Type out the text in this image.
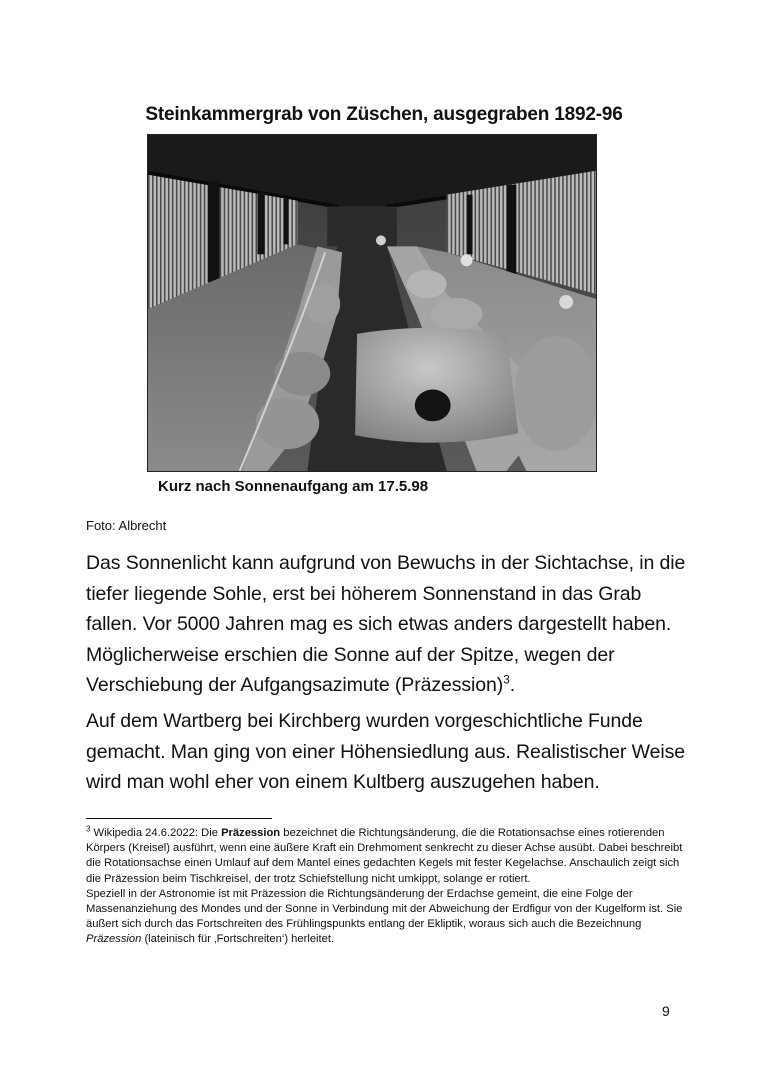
Steinkammergrab von Züschen, ausgegraben 1892-96
Kurz nach Sonnenaufgang am 17.5.98
Foto: Albrecht

Das Sonnenlicht kann aufgrund von Bewuchs in der Sichtachse, in die tiefer liegende Sohle, erst bei höherem Sonnenstand in das Grab fallen. Vor 5000 Jahren mag es sich etwas anders dargestellt haben. Möglicherweise erschien die Sonne auf der Spitze, wegen der Verschiebung der Aufgangsazimute (Präzession)$^3$.

Auf dem Wartberg bei Kirchberg wurden vorgeschichtliche Funde gemacht. Man ging von einer Höhensiedlung aus. Realistischer Weise wird man wohl eher von einem Kultberg auszugehen haben.

$^3$ Wikipedia 24.6.2022: Die Präzession bezeichnet die Richtungsänderung, die die Rotationsachse eines rotierenden Körpers (Kreisel) ausführt, wenn eine äußere Kraft ein Drehmoment senkrecht zu dieser Achse ausübt. Dabei beschreibt die Rotationsachse einen Umlauf auf dem Mantel eines gedachten Kegels mit fester Kegelachse. Anschaulich zeigt sich die Präzession beim Tischkreisel, der trotz Schiefstellung nicht umkippt, solange er rotiert.

Speziell in der Astronomie ist mit Präzession die Richtungsänderung der Erdachse gemeint, die eine Folge der Massenanziehung des Mondes und der Sonne in Verbindung mit der Abweichung der Erdfigur von der Kugelform ist. Sie äußert sich durch das Fortschreiten des Frühlingspunkts entlang der Ekliptik, woraus sich auch die Bezeichnung Präzession (lateinisch für ‚Fortschreiten‘) herleitet.

9
